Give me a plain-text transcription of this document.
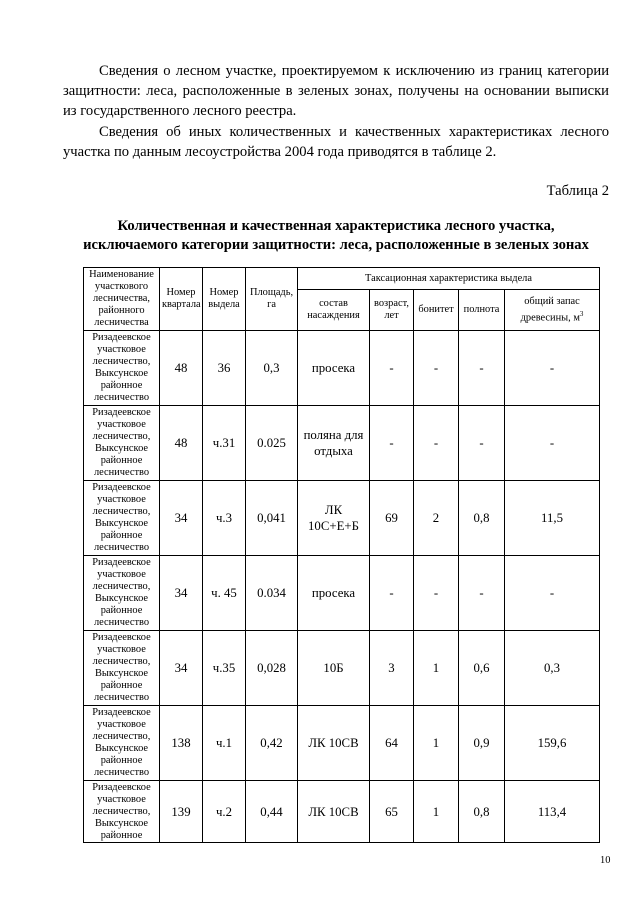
Сведения о лесном участке, проектируемом к исключению из границ категории защитности: леса, расположенные в зеленых зонах, получены на основании выписки из государственного лесного реестра.

Сведения об иных количественных и качественных характеристиках лесного участка по данным лесоустройства 2004 года приводятся в таблице 2.

Таблица 2

Количественная и качественная характеристика лесного участка,
исключаемого категории защитности: леса, расположенные в зеленых зонах
Наименование участкового лесничества, районного лесничества	Номер квартала	Номер выдела	Площадь, га	Таксационная характеристика выдела				
				состав насаждения	возраст, лет	бонитет	полнота	общий запас древесины, $м^3$
Ризадеевское участковое лесничество, Выксунское районное лесничество	48	36	0,3	просека	-	-	-	-
Ризадеевское участковое лесничество, Выксунское районное лесничество	48	ч.31	0.025	поляна для отдыха	-	-	-	-
Ризадеевское участковое лесничество, Выксунское районное лесничество	34	ч.3	0,041	ЛК 10С+Е+Б	69	2	0,8	11,5
Ризадеевское участковое лесничество, Выксунское районное лесничество	34	ч. 45	0.034	просека	-	-	-	-
Ризадеевское участковое лесничество, Выксунское районное лесничество	34	ч.35	0,028	10Б	3	1	0,6	0,3
Ризадеевское участковое лесничество, Выксунское районное лесничество	138	ч.1	0,42	ЛК 10СВ	64	1	0,9	159,6
Ризадеевское участковое лесничество, Выксунское районное	139	ч.2	0,44	ЛК 10СВ	65	1	0,8	113,4

10
